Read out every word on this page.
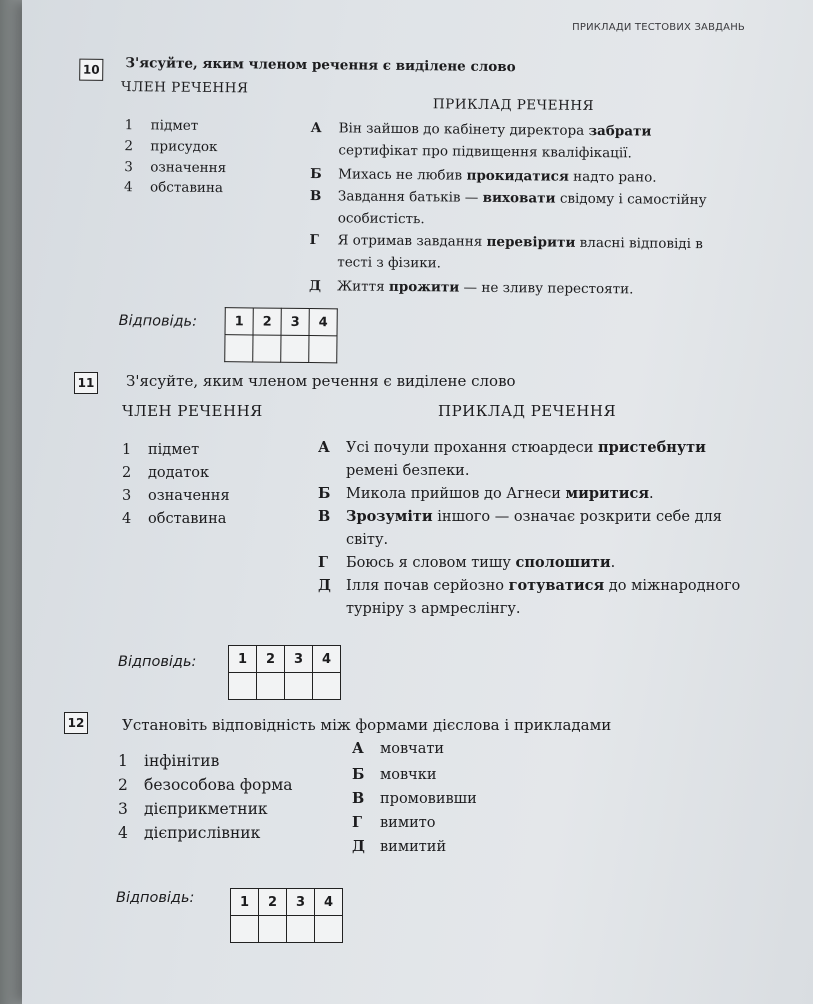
ПРИКЛАДИ ТЕСТОВИХ ЗАВДАНЬ
10 З'ясуйте, яким членом речення є виділене слово
ЧЛЕН РЕЧЕННЯ
ПРИКЛАД РЕЧЕННЯ
1 підмет
2 присудок
3 означення
4 обставина
А Він зайшов до кабінету директора забрати сертифікат про підвищення кваліфікації.
Б Михась не любив прокидатися надто рано.
В Завдання батьків — виховати свідому і самостійну особистість.
Г Я отримав завдання перевірити власні відповіді в тесті з фізики.
Д Життя прожити — не зливу перестояти.
Відповідь:	1	2	3	4

11 З'ясуйте, яким членом речення є виділене слово
ЧЛЕН РЕЧЕННЯ	ПРИКЛАД РЕЧЕННЯ
1 підмет
2 додаток
3 означення
4 обставина
А Усі почули прохання стюардеси пристебнути ремені безпеки.
Б Микола прийшов до Агнеси миритися.
В Зрозуміти іншого — означає розкрити себе для світу.
Г Боюсь я словом тишу сполошити.
Д Ілля почав серйозно готуватися до міжнародного турніру з армреслінгу.
Відповідь:	1	2	3	4

12	Установіть відповідність між формами дієслова і прикладами
1 інфінітив
2 безособова форма
3 дієприкметник
4 дієприслівник
А мовчати
Б мовчки
В промовивши
Г вимито
Д вимитий
Відповідь:	1	2	3	4
